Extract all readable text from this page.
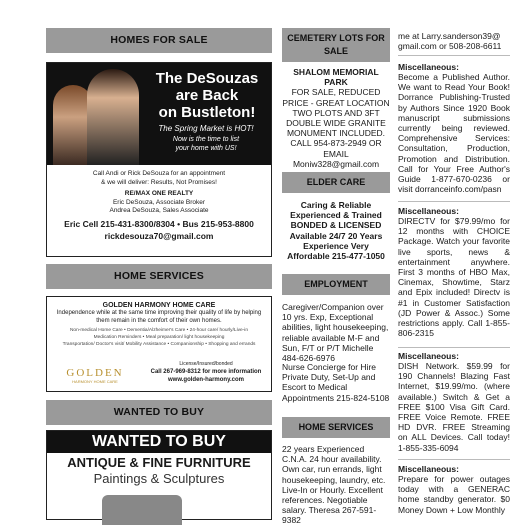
HOMES FOR SALE
The DeSouzas
are Back
on Bustleton!
The Spring Market is HOT!
Now is the time to list
your home with US!
Call Andi or Rick DeSouza for an appointment
& we will deliver: Results, Not Promises!
RE/MAX ONE REALTY
Eric DeSouza, Associate Broker
Andrea DeSouza, Sales Associate
Eric Cell 215-431-8300/8304 • Bus 215-953-8800
rickdesouza70@gmail.com
HOME SERVICES
GOLDEN HARMONY HOME CARE
Independence while at the same time improving their quality of life by helping
them remain in the comfort of their own homes.
Non-medical Home Care • Dementia/Alzheimer's Care • 24-hour care/ hourly/Live-in
Medication Reminders • Meal preparation/ light housekeeping
Transportation/ Doctor's visit/ Mobility Assistance • Companionship • Shopping and errands
GOLDEN
HARMONY HOME CARE
License/Insured/bonded
Call 267-969-8312 for more information
www.golden-harmony.com
WANTED TO BUY
WANTED TO BUY
ANTIQUE & FINE FURNITURE
Paintings & Sculptures
CEMETERY LOTS FOR SALE
SHALOM MEMORIAL PARK
FOR SALE, REDUCED PRICE - GREAT LOCATION TWO PLOTS AND 3FT DOUBLE WIDE GRANITE MONUMENT INCLUDED. CALL 954-873-2949 OR EMAIL
Moniw328@gmail.com
ELDER CARE
Caring & Reliable Experienced & Trained BONDED & LICENSED Available 24/7 20 Years Experience Very Affordable 215-477-1050
EMPLOYMENT
Caregiver/Companion over 10 yrs. Exp, Exceptional abilities, light housekeeping, reliable available M-F and Sun, F/T or P/T Michelle 484-626-6976
Nurse Concierge for Hire Private Duty, Set-Up and Escort to Medical Appointments 215-824-5108
HOME SERVICES
22 years Experienced C.N.A. 24 hour availability. Own car, run errands, light housekeeping, laundry, etc. Live-In or Hourly. Excellent references. Negotiable salary. Theresa 267-591-9382
me at Larry.sanderson39@ gmail.com or 508-208-6611
Miscellaneous:
Become a Published Author. We want to Read Your Book! Dorrance Publishing-Trusted by Authors Since 1920 Book manuscript submissions currently being reviewed. Comprehensive Services: Consultation, Production, Promotion and Distribution. Call for Your Free Author's Guide 1-877-670-0236 or visit dorranceinfo.com/pasn
Miscellaneous:
DIRECTV for $79.99/mo for 12 months with CHOICE Package. Watch your favorite live sports, news & entertainment anywhere. First 3 months of HBO Max, Cinemax, Showtime, Starz and Epix included! Directv is #1 in Customer Satisfaction (JD Power & Assoc.) Some restrictions apply. Call 1-855-806-2315
Miscellaneous:
DISH Network. $59.99 for 190 Channels! Blazing Fast Internet, $19.99/mo. (where available.) Switch & Get a FREE $100 Visa Gift Card. FREE Voice Remote. FREE HD DVR. FREE Streaming on ALL Devices. Call today! 1-855-335-6094
Miscellaneous:
Prepare for power outages today with a GENERAC home standby generator. $0 Money Down + Low Monthly
